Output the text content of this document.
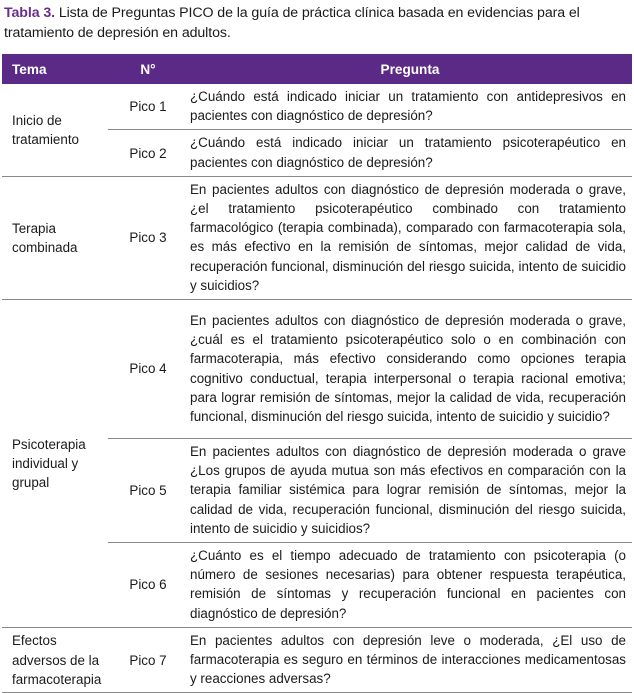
Tabla 3. Lista de Preguntas PICO de la guía de práctica clínica basada en evidencias para el tratamiento de depresión en adultos.

Tema	N°	Pregunta
Inicio de tratamiento	Pico 1	¿Cuándo está indicado iniciar un tratamiento con antidepresivos en pacientes con diagnóstico de depresión?
	Pico 2	¿Cuándo está indicado iniciar un tratamiento psicoterapéutico en pacientes con diagnóstico de depresión?
Terapia combinada	Pico 3	En pacientes adultos con diagnóstico de depresión moderada o grave, ¿el tratamiento psicoterapéutico combinado con tratamiento farmacológico (terapia combinada), comparado con farmacoterapia sola, es más efectivo en la remisión de síntomas, mejor calidad de vida, recuperación funcional, disminución del riesgo suicida, intento de suicidio y suicidios?
Psicoterapia individual y grupal	Pico 4	En pacientes adultos con diagnóstico de depresión moderada o grave, ¿cuál es el tratamiento psicoterapéutico solo o en combinación con farmacoterapia, más efectivo considerando como opciones terapia cognitivo conductual, terapia interpersonal o terapia racional emotiva; para lograr remisión de síntomas, mejor la calidad de vida, recuperación funcional, disminución del riesgo suicida, intento de suicidio y suicidio?
	Pico 5	En pacientes adultos con diagnóstico de depresión moderada o grave ¿Los grupos de ayuda mutua son más efectivos en comparación con la terapia familiar sistémica para lograr remisión de síntomas, mejor la calidad de vida, recuperación funcional, disminución del riesgo suicida, intento de suicidio y suicidios?
	Pico 6	¿Cuánto es el tiempo adecuado de tratamiento con psicoterapia (o número de sesiones necesarias) para obtener respuesta terapéutica, remisión de síntomas y recuperación funcional en pacientes con diagnóstico de depresión?
Efectos adversos de la farmacoterapia	Pico 7	En pacientes adultos con depresión leve o moderada, ¿El uso de farmacoterapia es seguro en términos de interacciones medicamentosas y reacciones adversas?
